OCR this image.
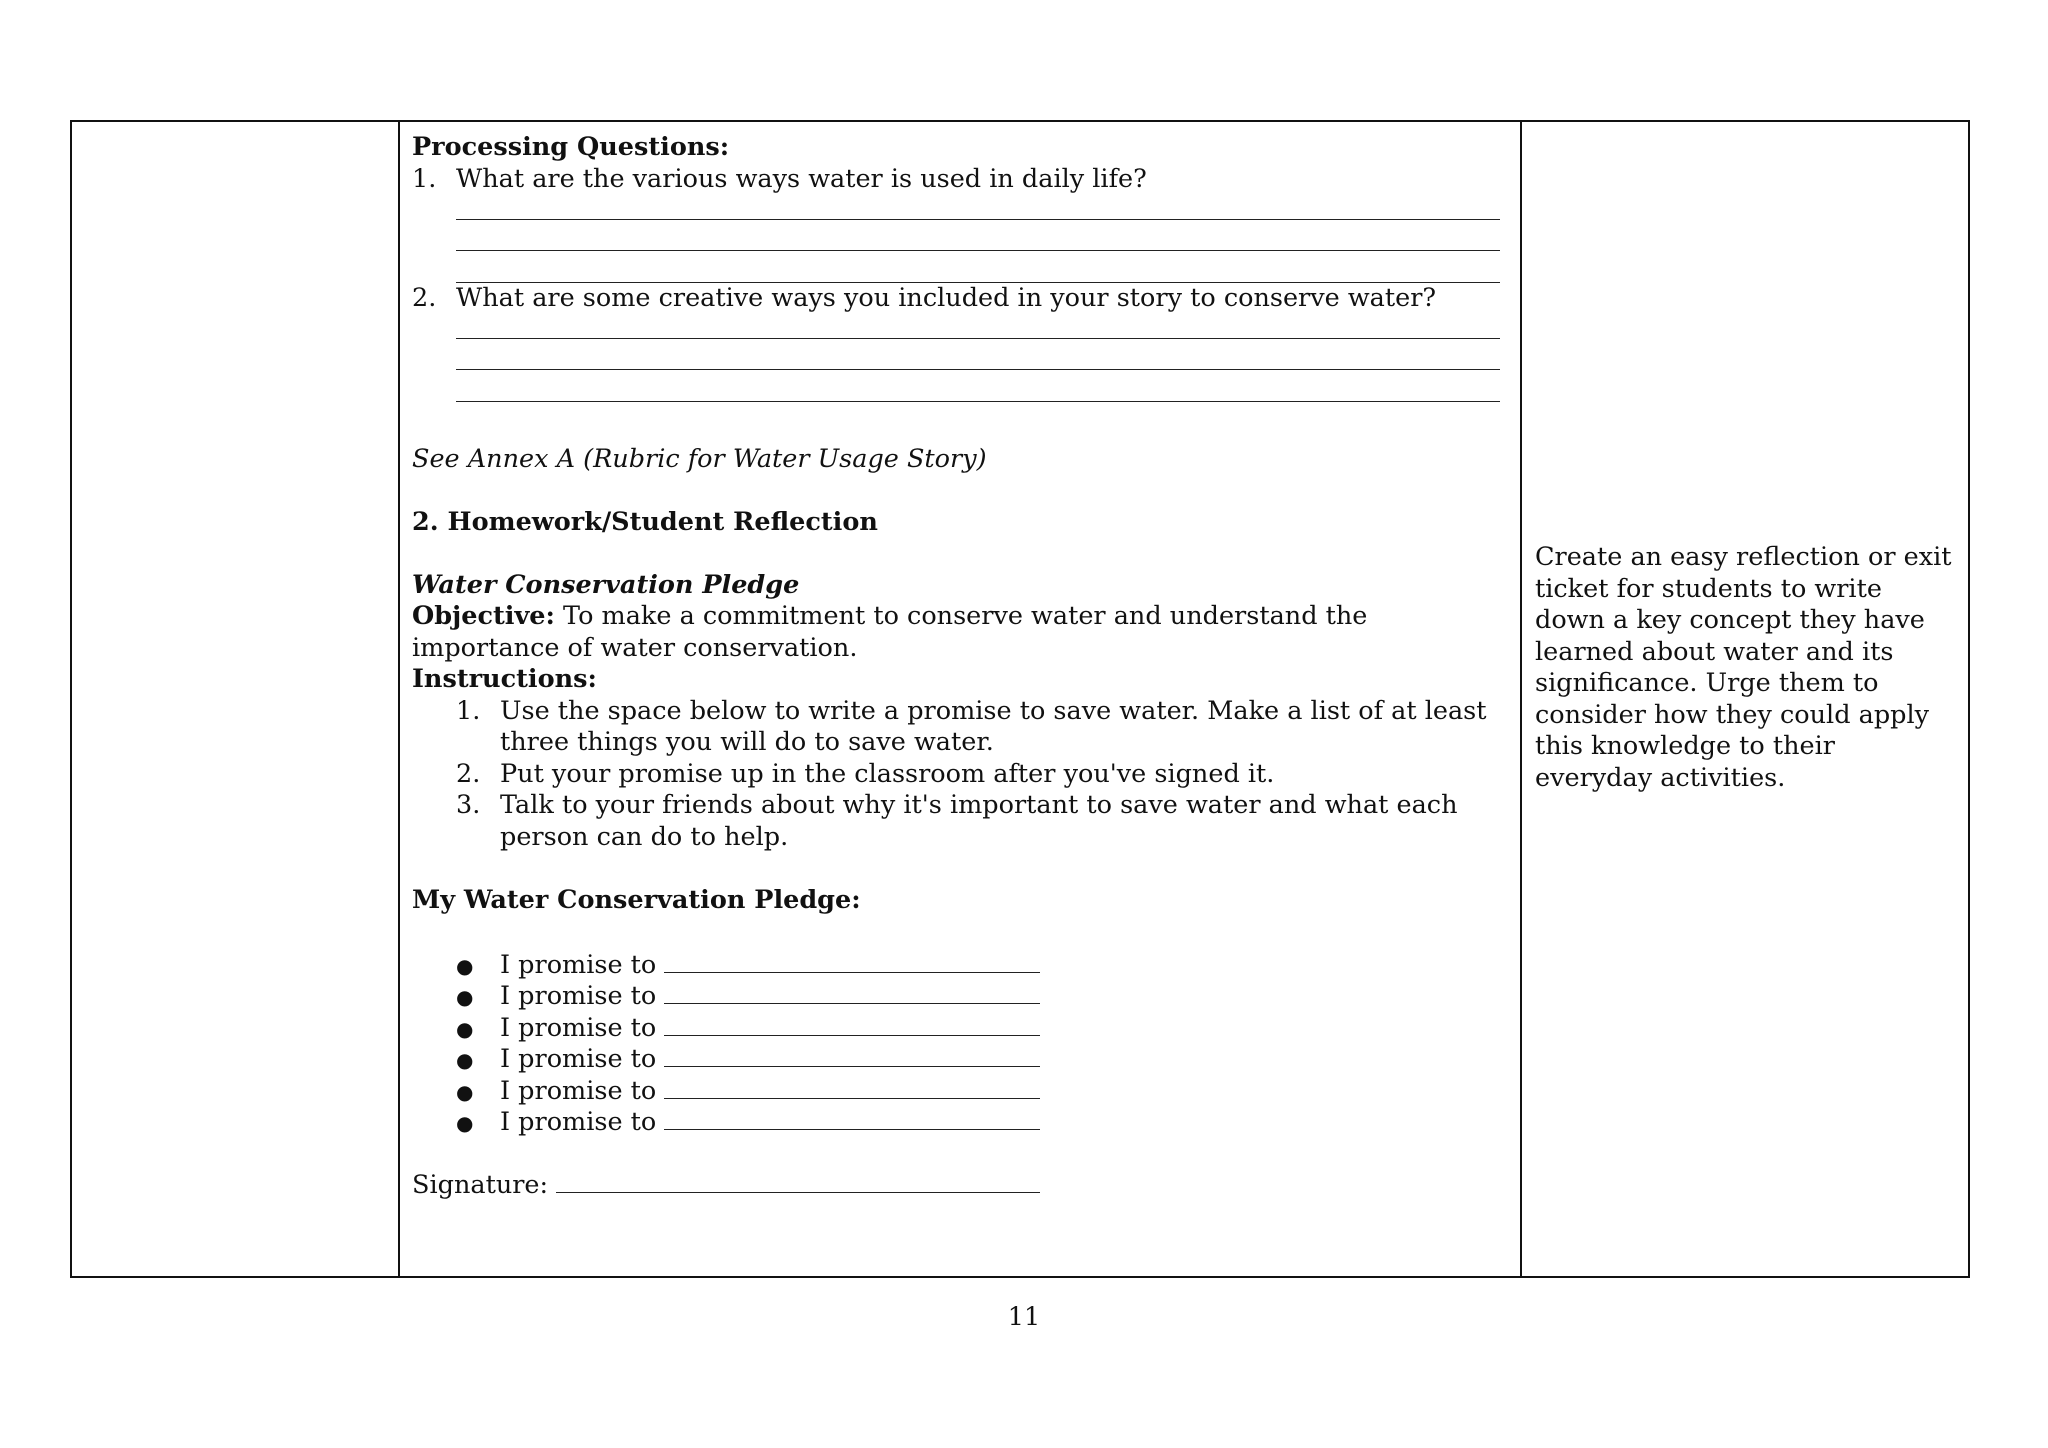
Processing Questions:
1. What are the various ways water is used in daily life?
2. What are some creative ways you included in your story to conserve water?
See Annex A (Rubric for Water Usage Story)
2. Homework/Student Reflection
Water Conservation Pledge
Objective: To make a commitment to conserve water and understand the importance of water conservation.
Instructions:
1. Use the space below to write a promise to save water. Make a list of at least three things you will do to save water.
2. Put your promise up in the classroom after you've signed it.
3. Talk to your friends about why it's important to save water and what each person can do to help.
My Water Conservation Pledge:
●	I promise to
●	I promise to
●	I promise to
●	I promise to
●	I promise to
●	I promise to
Signature:
Create an easy reflection or exit ticket for students to write down a key concept they have learned about water and its significance. Urge them to consider how they could apply this knowledge to their everyday activities.
11
